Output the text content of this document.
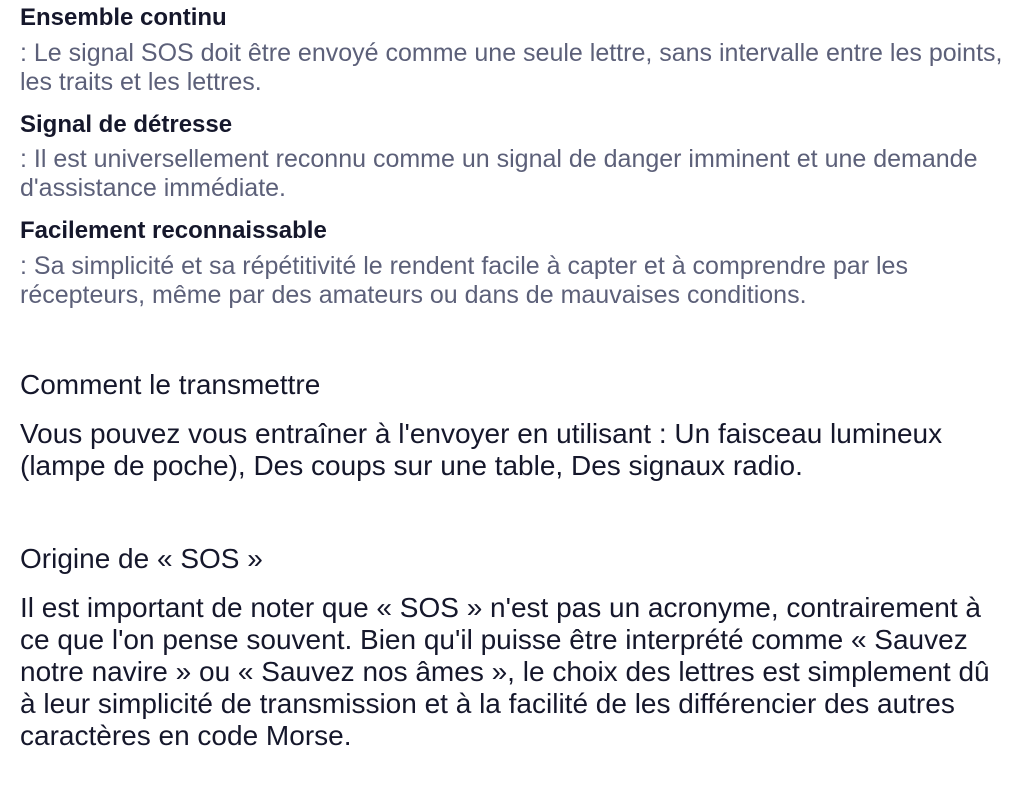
Ensemble continu
: Le signal SOS doit être envoyé comme une seule lettre, sans intervalle entre les points, les traits et les lettres.
Signal de détresse
: Il est universellement reconnu comme un signal de danger imminent et une demande d'assistance immédiate.
Facilement reconnaissable
: Sa simplicité et sa répétitivité le rendent facile à capter et à comprendre par les récepteurs, même par des amateurs ou dans de mauvaises conditions.
Comment le transmettre

Vous pouvez vous entraîner à l'envoyer en utilisant : Un faisceau lumineux (lampe de poche), Des coups sur une table, Des signaux radio.

Origine de « SOS »

Il est important de noter que « SOS » n'est pas un acronyme, contrairement à ce que l'on pense souvent. Bien qu'il puisse être interprété comme « Sauvez notre navire » ou « Sauvez nos âmes », le choix des lettres est simplement dû à leur simplicité de transmission et à la facilité de les différencier des autres caractères en code Morse.
